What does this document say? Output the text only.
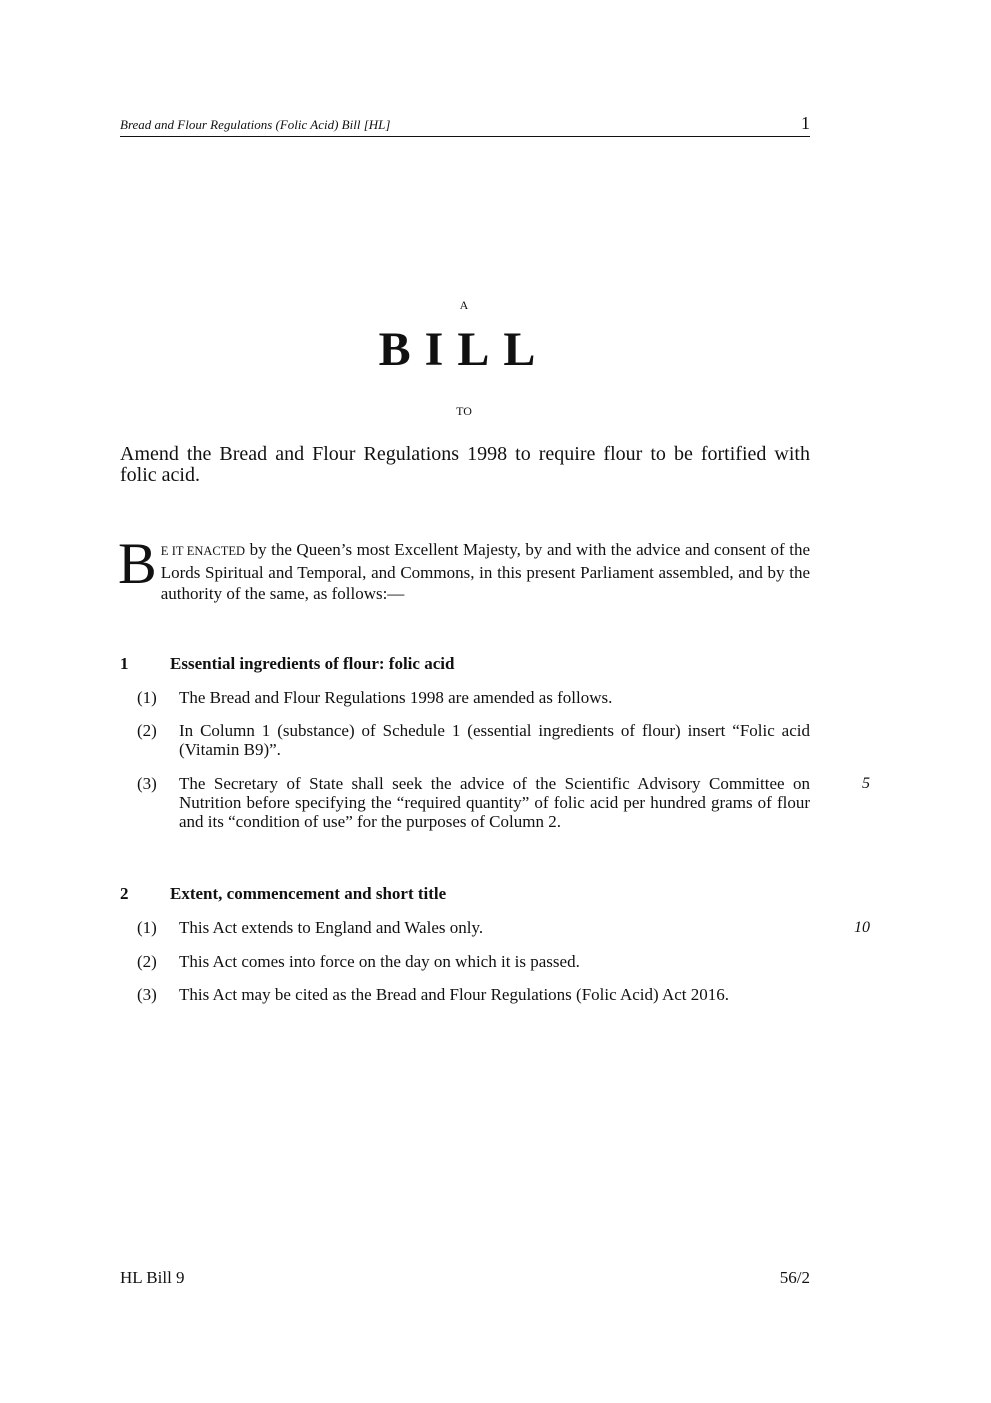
Bread and Flour Regulations (Folic Acid) Bill [HL]	1
A
BILL
TO
Amend the Bread and Flour Regulations 1998 to require flour to be fortified with folic acid.
B E IT ENACTED by the Queen’s most Excellent Majesty, by and with the advice and consent of the Lords Spiritual and Temporal, and Commons, in this present Parliament assembled, and by the authority of the same, as follows:—
1 Essential ingredients of flour: folic acid
(1) The Bread and Flour Regulations 1998 are amended as follows.
(2) In Column 1 (substance) of Schedule 1 (essential ingredients of flour) insert “Folic acid (Vitamin B9)”.
(3) The Secretary of State shall seek the advice of the Scientific Advisory Committee on Nutrition before specifying the “required quantity” of folic acid per hundred grams of flour and its “condition of use” for the purposes of Column 2.
5
2 Extent, commencement and short title
(1) This Act extends to England and Wales only.	10
(2) This Act comes into force on the day on which it is passed.
(3) This Act may be cited as the Bread and Flour Regulations (Folic Acid) Act 2016.
HL Bill 9	56/2
